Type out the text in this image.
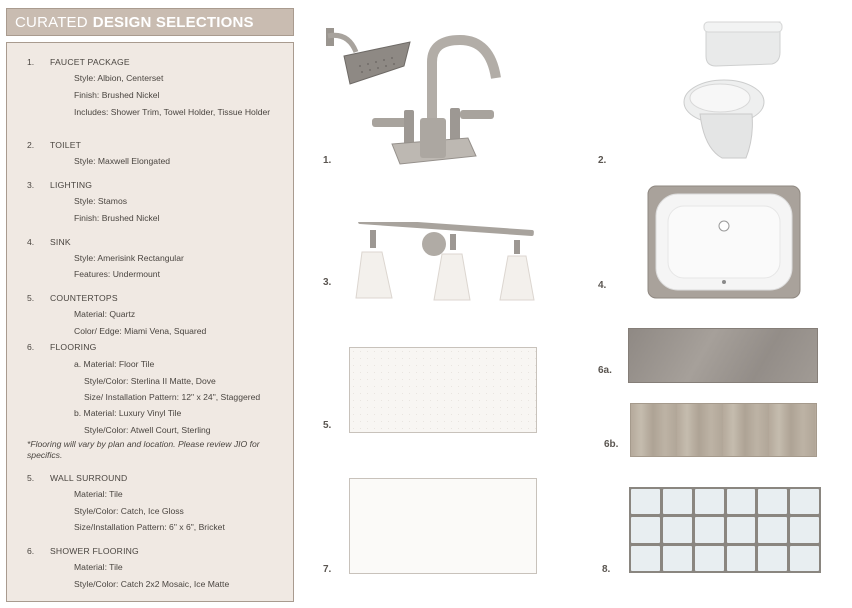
CURATED DESIGN SELECTIONS
1. FAUCET PACKAGE
Style: Albion, Centerset
Finish: Brushed Nickel
Includes: Shower Trim, Towel Holder, Tissue Holder
2. TOILET
Style: Maxwell Elongated
3. LIGHTING
Style: Stamos
Finish: Brushed Nickel
4. SINK
Style: Amerisink Rectangular
Features: Undermount
5. COUNTERTOPS
Material: Quartz
Color/ Edge: Miami Vena, Squared
6. FLOORING
a. Material: Floor Tile
Style/Color: Sterlina II Matte, Dove
Size/ Installation Pattern: 12" x 24", Staggered
b. Material: Luxury Vinyl Tile
Style/Color: Atwell Court, Sterling
*Flooring will vary by plan and location. Please review JIO for specifics.
5. WALL SURROUND
Material: Tile
Style/Color: Catch, Ice Gloss
Size/Installation Pattern: 6" x 6", Bricket
6. SHOWER FLOORING
Material: Tile
Style/Color: Catch 2x2 Mosaic, Ice Matte
1.	2.
3.	4.
5.
6a.
6b.
7.	8.
